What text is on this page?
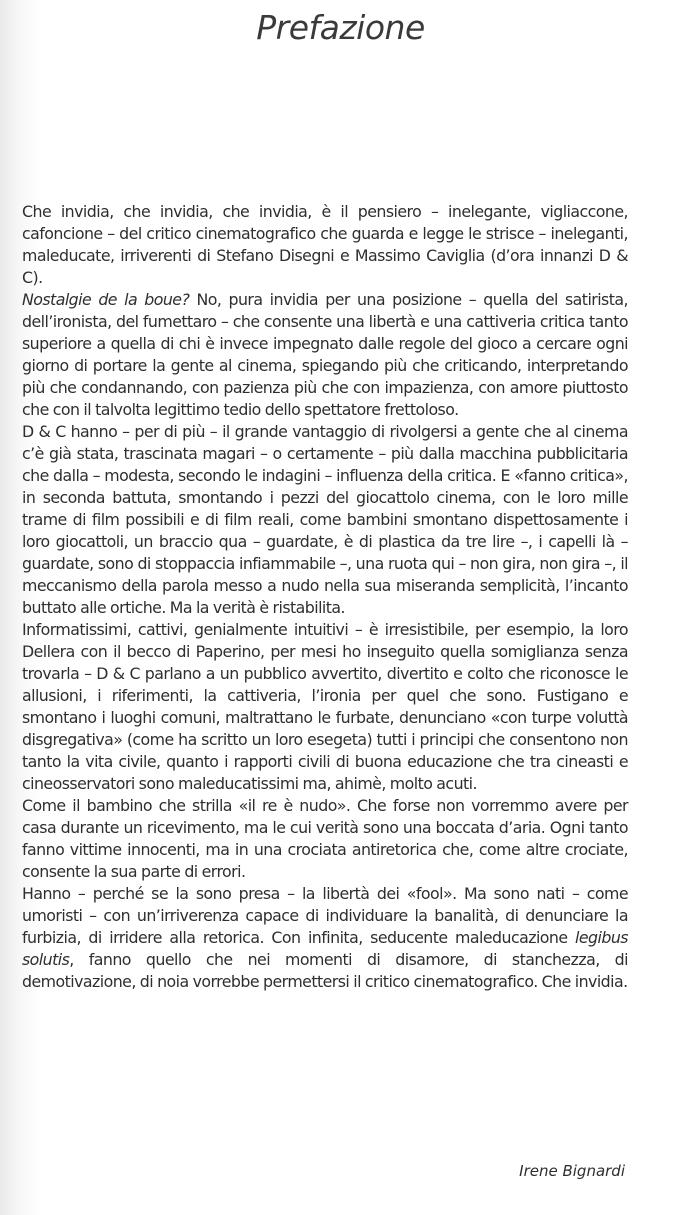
Prefazione
Che invidia, che invidia, che invidia, è il pensiero – inelegante, vigliaccone, cafoncione – del critico cinematografico che guarda e legge le strisce – ineleganti, maleducate, irriverenti di Stefano Disegni e Massimo Caviglia (d’ora innanzi D & C).
Nostalgie de la boue? No, pura invidia per una posizione – quella del satirista, dell’ironista, del fumettaro – che consente una libertà e una cattiveria critica tanto superiore a quella di chi è invece impegnato dalle regole del gioco a cercare ogni giorno di portare la gente al cinema, spiegando più che criticando, interpretando più che condannando, con pazienza più che con impazienza, con amore piuttosto che con il talvolta legittimo tedio dello spettatore frettoloso.
D & C hanno – per di più – il grande vantaggio di rivolgersi a gente che al cinema c’è già stata, trascinata magari – o certamente – più dalla macchina pubblicitaria che dalla – modesta, secondo le indagini – influenza della critica. E «fanno critica», in seconda battuta, smontando i pezzi del giocattolo cinema, con le loro mille trame di film possibili e di film reali, come bambini smontano dispettosamente i loro giocattoli, un braccio qua – guardate, è di plastica da tre lire –, i capelli là – guardate, sono di stoppaccia infiammabile –, una ruota qui – non gira, non gira –, il meccanismo della parola messo a nudo nella sua miseranda semplicità, l’incanto buttato alle ortiche. Ma la verità è ristabilita.
Informatissimi, cattivi, genialmente intuitivi – è irresistibile, per esempio, la loro Dellera con il becco di Paperino, per mesi ho inseguito quella somiglianza senza trovarla – D & C parlano a un pubblico avvertito, divertito e colto che riconosce le allusioni, i riferimenti, la cattiveria, l’ironia per quel che sono. Fustigano e smontano i luoghi comuni, maltrattano le furbate, denunciano «con turpe voluttà disgregativa» (come ha scritto un loro esegeta) tutti i principi che consentono non tanto la vita civile, quanto i rapporti civili di buona educazione che tra cineasti e cineosservatori sono maleducatissimi ma, ahimè, molto acuti.
Come il bambino che strilla «il re è nudo». Che forse non vorremmo avere per casa durante un ricevimento, ma le cui verità sono una boccata d’aria. Ogni tanto fanno vittime innocenti, ma in una crociata antiretorica che, come altre crociate, consente la sua parte di errori.
Hanno – perché se la sono presa – la libertà dei «fool». Ma sono nati – come umoristi – con un’irriverenza capace di individuare la banalità, di denunciare la furbizia, di irridere alla retorica. Con infinita, seducente maleducazione legibus solutis, fanno quello che nei momenti di disamore, di stanchezza, di demotivazione, di noia vorrebbe permettersi il critico cinematografico. Che invidia.

Irene Bignardi
